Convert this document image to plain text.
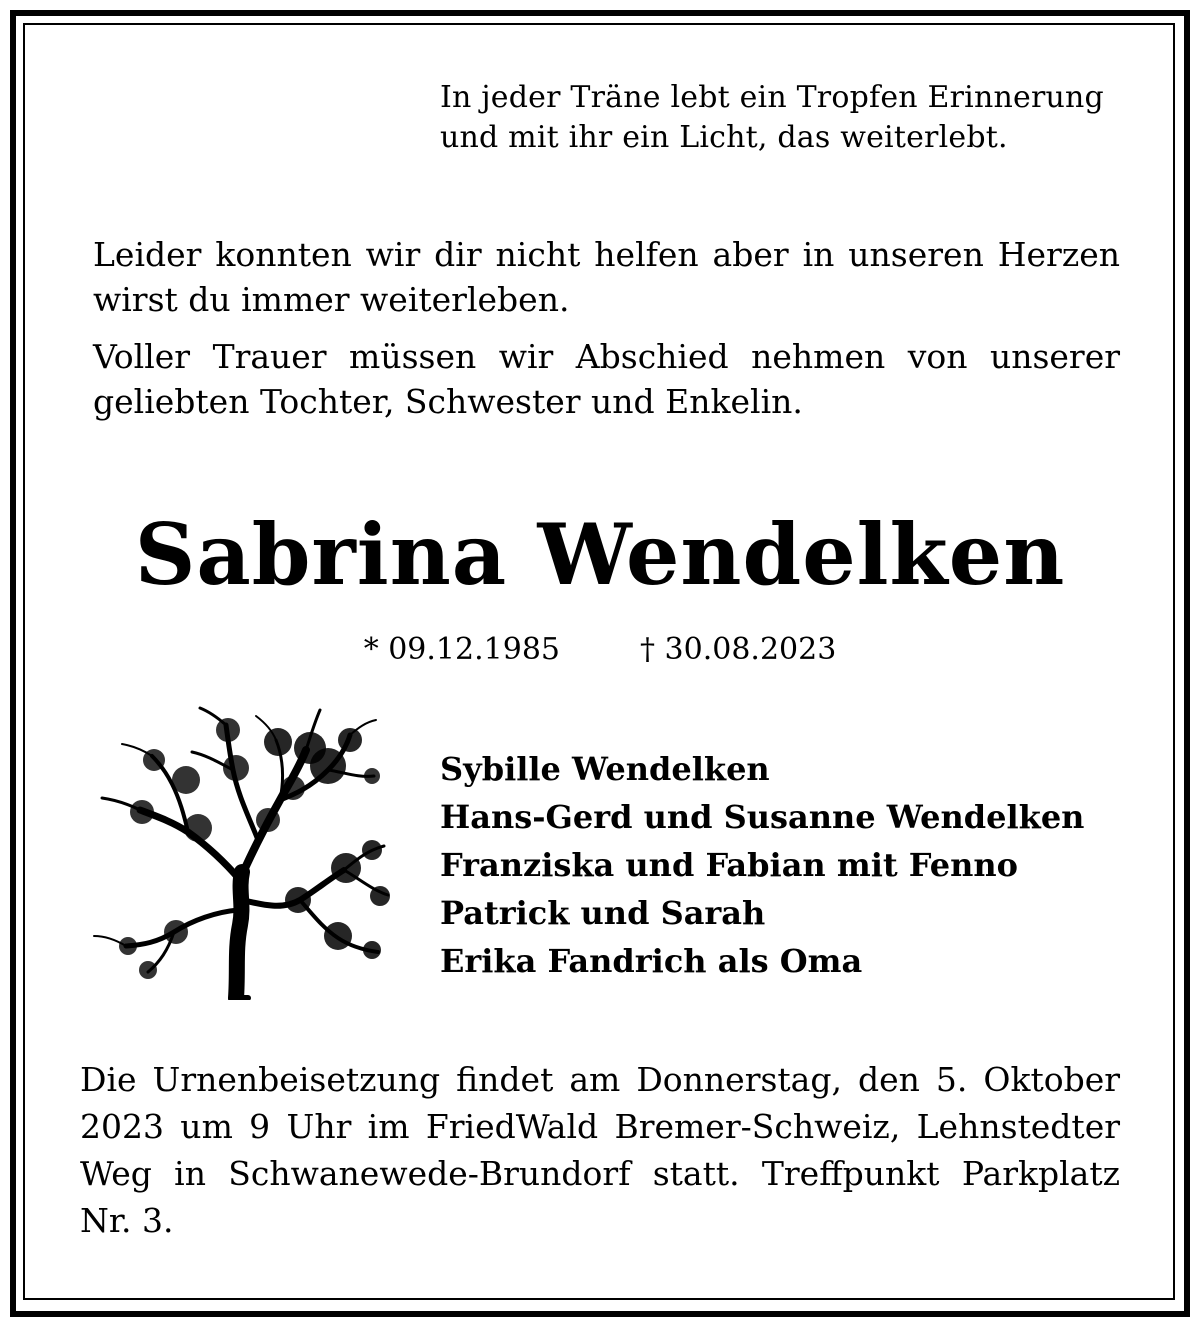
In jeder Träne lebt ein Tropfen Erinnerung
und mit ihr ein Licht, das weiterlebt.

Leider konnten wir dir nicht helfen aber in unseren Herzen wirst du immer weiterleben.

Voller Trauer müssen wir Abschied nehmen von unserer geliebten Tochter, Schwester und Enkelin.

Sabrina Wendelken
* 09.12.1985	† 30.08.2023
Sybille Wendelken
Hans-Gerd und Susanne Wendelken
Franziska und Fabian mit Fenno
Patrick und Sarah
Erika Fandrich als Oma
Die Urnenbeisetzung findet am Donnerstag, den 5. Oktober 2023 um 9 Uhr im FriedWald Bremer-Schweiz, Lehnstedter Weg in Schwanewede-Brundorf statt. Treffpunkt Parkplatz Nr. 3.
